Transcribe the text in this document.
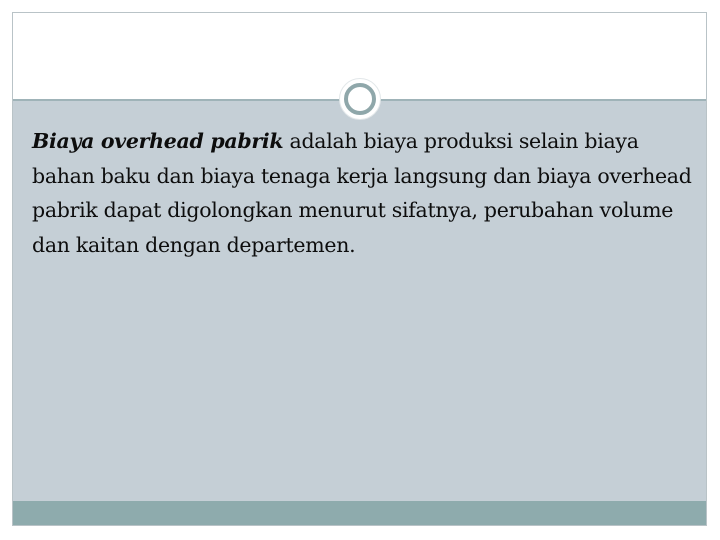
Biaya overhead pabrik adalah biaya produksi selain biaya bahan baku dan biaya tenaga kerja langsung dan biaya overhead pabrik dapat digolongkan menurut sifatnya, perubahan volume dan kaitan dengan departemen.
